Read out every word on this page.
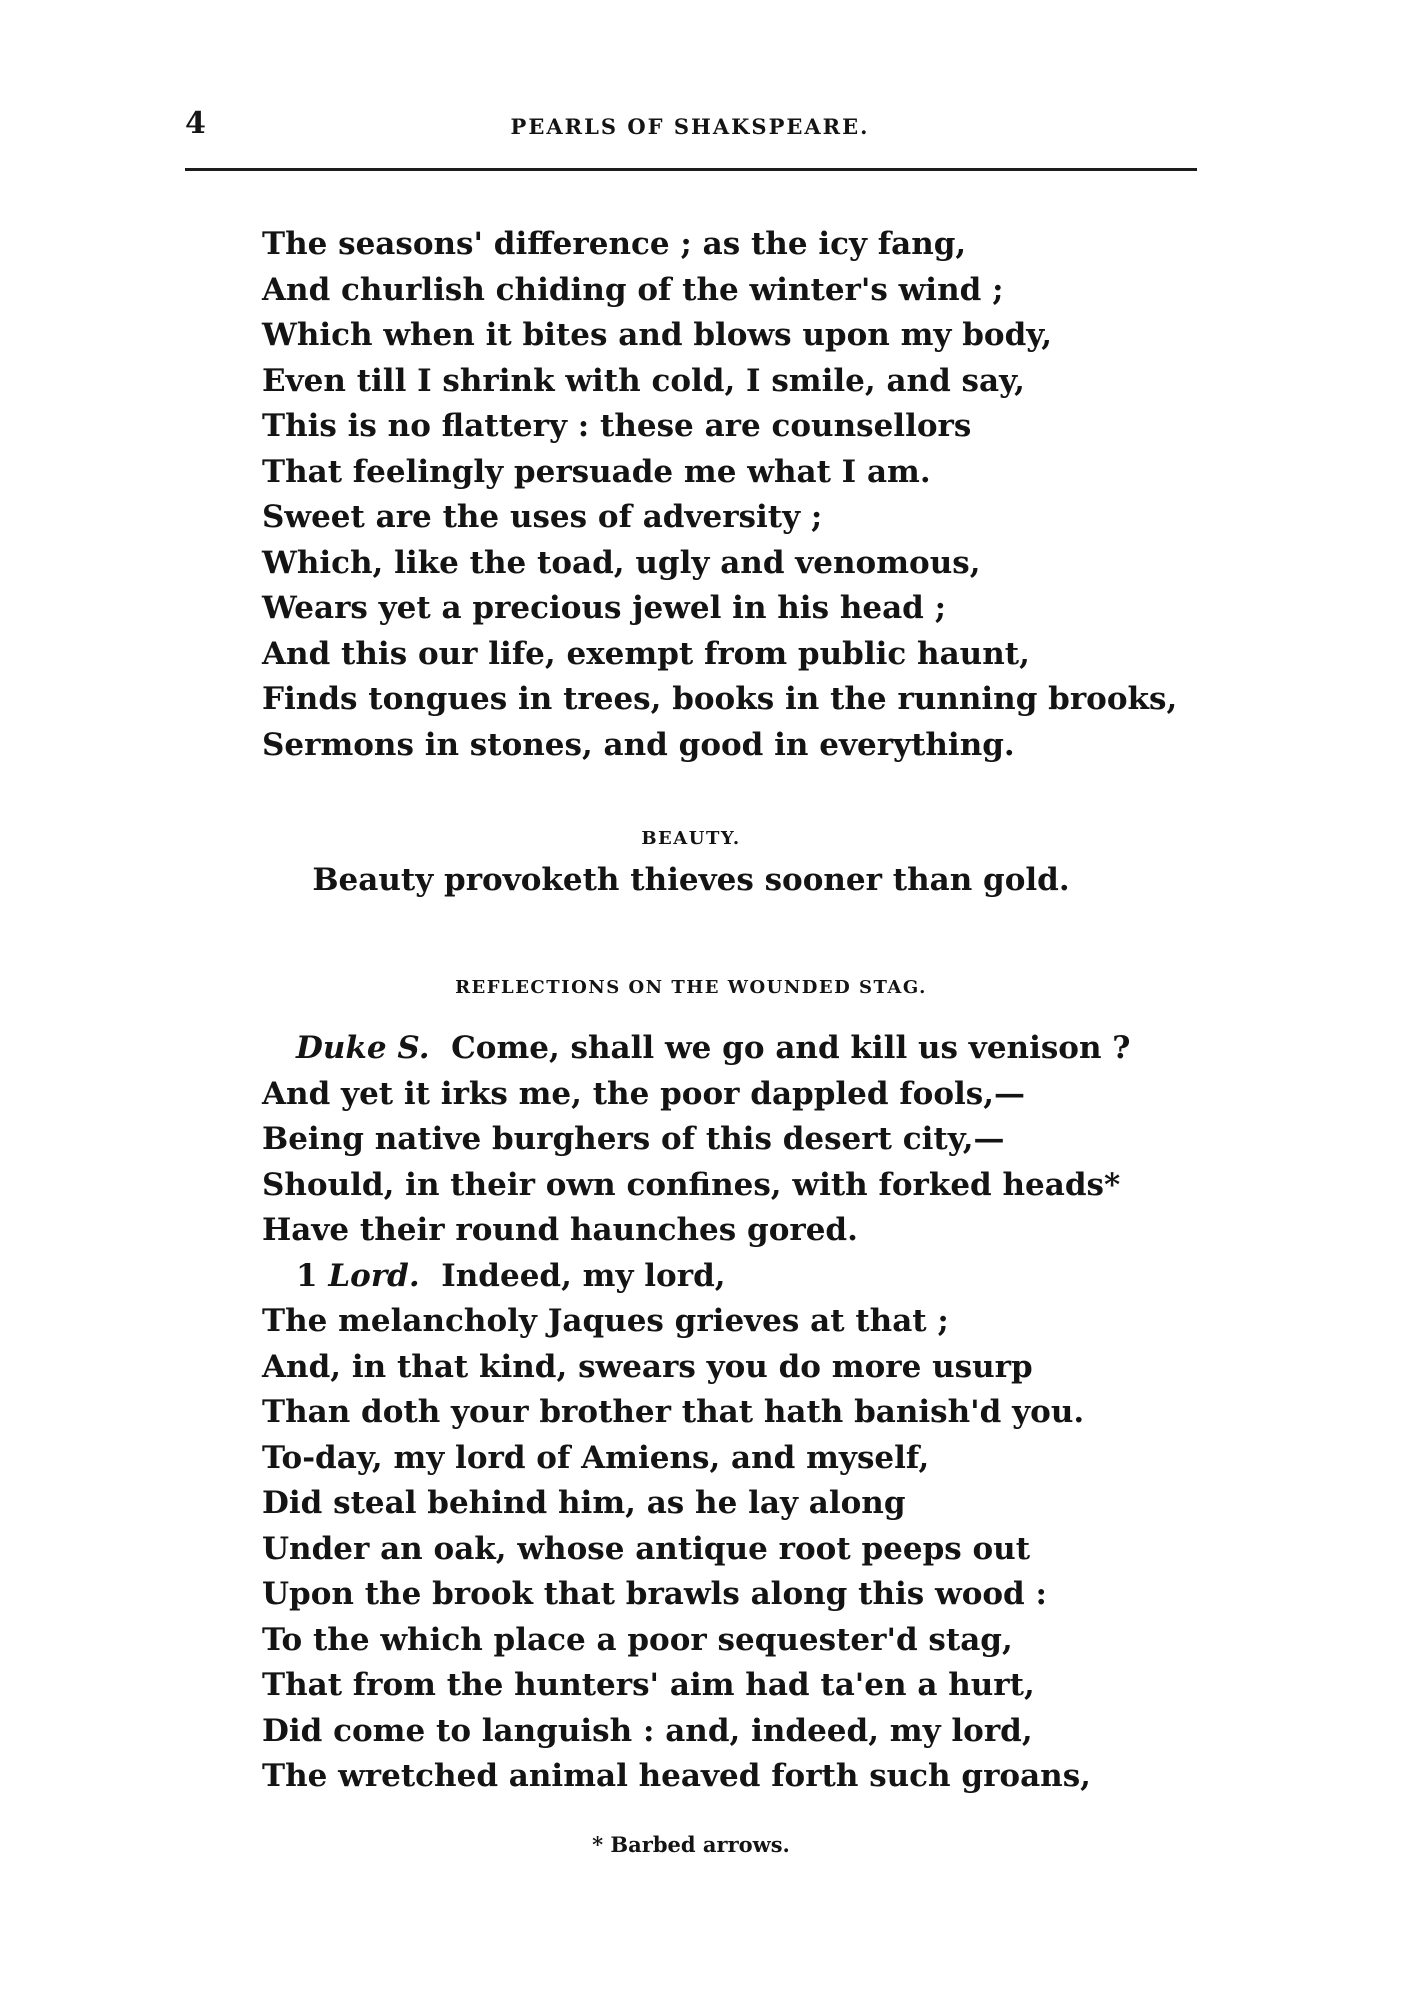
4	PEARLS OF SHAKSPEARE.
The seasons' difference ; as the icy fang,
And churlish chiding of the winter's wind ;
Which when it bites and blows upon my body,
Even till I shrink with cold, I smile, and say,
This is no flattery : these are counsellors
That feelingly persuade me what I am.
Sweet are the uses of adversity ;
Which, like the toad, ugly and venomous,
Wears yet a precious jewel in his head ;
And this our life, exempt from public haunt,
Finds tongues in trees, books in the running brooks,
Sermons in stones, and good in everything.
BEAUTY.
Beauty provoketh thieves sooner than gold.
REFLECTIONS ON THE WOUNDED STAG.
Duke S. Come, shall we go and kill us venison ?
And yet it irks me, the poor dappled fools,—
Being native burghers of this desert city,—
Should, in their own confines, with forked heads*
Have their round haunches gored.
1 Lord. Indeed, my lord,
The melancholy Jaques grieves at that ;
And, in that kind, swears you do more usurp
Than doth your brother that hath banish'd you.
To-day, my lord of Amiens, and myself,
Did steal behind him, as he lay along
Under an oak, whose antique root peeps out
Upon the brook that brawls along this wood :
To the which place a poor sequester'd stag,
That from the hunters' aim had ta'en a hurt,
Did come to languish : and, indeed, my lord,
The wretched animal heaved forth such groans,
* Barbed arrows.
